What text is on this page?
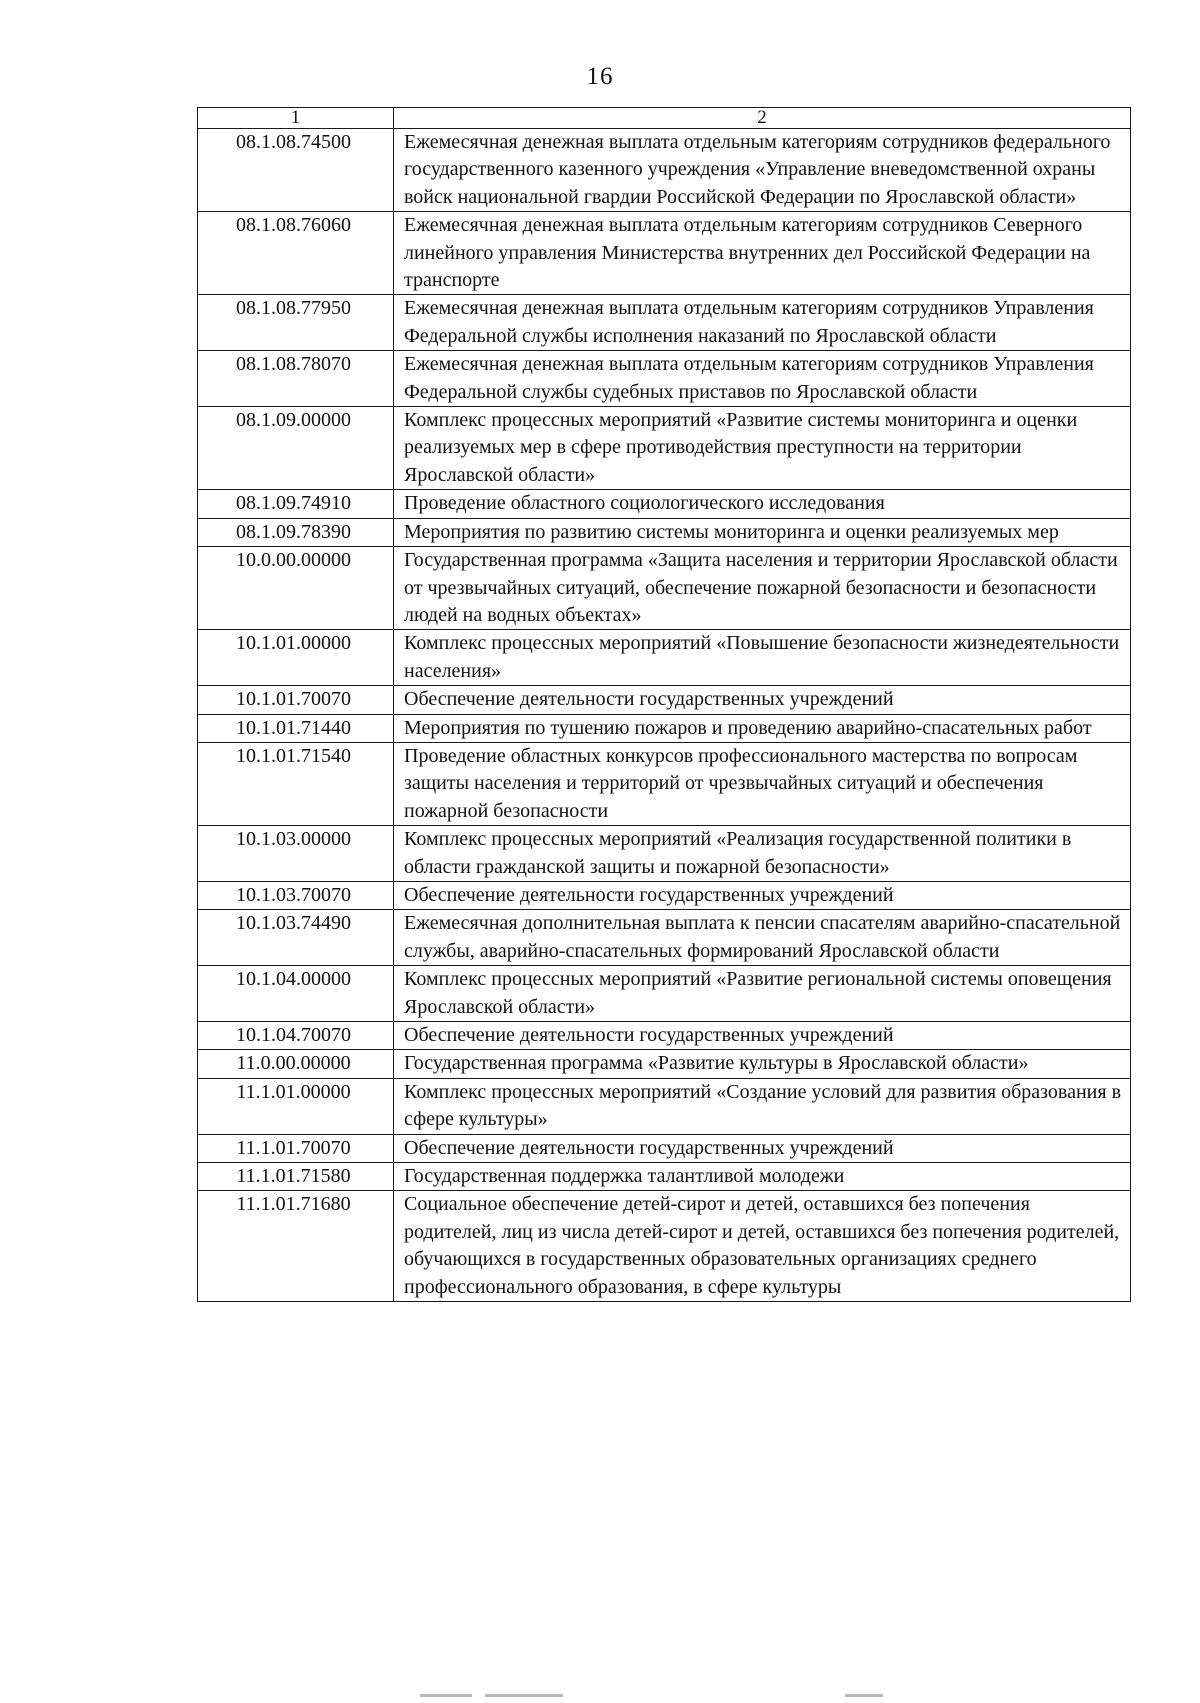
16
1	2
08.1.08.74500	Ежемесячная денежная выплата отдельным категориям сотрудников федерального государственного казенного учреждения «Управление вневедомственной охраны войск национальной гвардии Российской Федерации по Ярославской области»
08.1.08.76060	Ежемесячная денежная выплата отдельным категориям сотрудников Северного линейного управления Министерства внутренних дел Российской Федерации на транспорте
08.1.08.77950	Ежемесячная денежная выплата отдельным категориям сотрудников Управления Федеральной службы исполнения наказаний по Ярославской области
08.1.08.78070	Ежемесячная денежная выплата отдельным категориям сотрудников Управления Федеральной службы судебных приставов по Ярославской области
08.1.09.00000	Комплекс процессных мероприятий «Развитие системы мониторинга и оценки реализуемых мер в сфере противодействия преступности на территории Ярославской области»
08.1.09.74910	Проведение областного социологического исследования
08.1.09.78390	Мероприятия по развитию системы мониторинга и оценки реализуемых мер
10.0.00.00000	Государственная программа «Защита населения и территории Ярославской области от чрезвычайных ситуаций, обеспечение пожарной безопасности и безопасности людей на водных объектах»
10.1.01.00000	Комплекс процессных мероприятий «Повышение безопасности жизнедеятельности населения»
10.1.01.70070	Обеспечение деятельности государственных учреждений
10.1.01.71440	Мероприятия по тушению пожаров и проведению аварийно-спасательных работ
10.1.01.71540	Проведение областных конкурсов профессионального мастерства по вопросам защиты населения и территорий от чрезвычайных ситуаций и обеспечения пожарной безопасности
10.1.03.00000	Комплекс процессных мероприятий «Реализация государственной политики в области гражданской защиты и пожарной безопасности»
10.1.03.70070	Обеспечение деятельности государственных учреждений
10.1.03.74490	Ежемесячная дополнительная выплата к пенсии спасателям аварийно-спасательной службы, аварийно-спасательных формирований Ярославской области
10.1.04.00000	Комплекс процессных мероприятий «Развитие региональной системы оповещения Ярославской области»
10.1.04.70070	Обеспечение деятельности государственных учреждений
11.0.00.00000	Государственная программа «Развитие культуры в Ярославской области»
11.1.01.00000	Комплекс процессных мероприятий «Создание условий для развития образования в сфере культуры»
11.1.01.70070	Обеспечение деятельности государственных учреждений
11.1.01.71580	Государственная поддержка талантливой молодежи
11.1.01.71680	Социальное обеспечение детей-сирот и детей, оставшихся без попечения родителей, лиц из числа детей-сирот и детей, оставшихся без попечения родителей, обучающихся в государственных образовательных организациях среднего профессионального образования, в сфере культуры
